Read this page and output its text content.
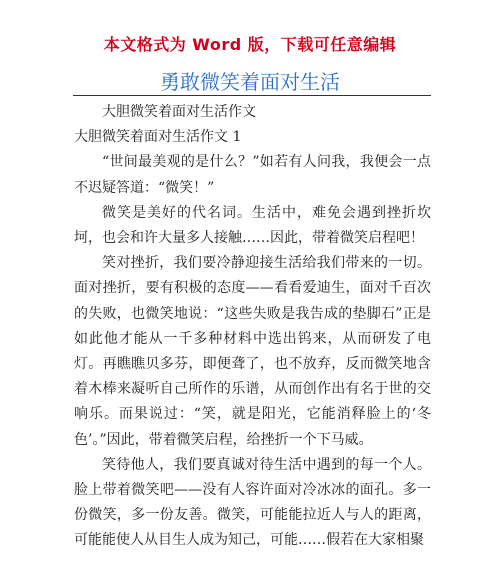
本文格式为 Word 版，下载可任意编辑
勇敢微笑着面对生活

大胆微笑着面对生活作文

大胆微笑着面对生活作文 1

“世间最美观的是什么？”如若有人问我，我便会一点不迟疑答道：“微笑！”

微笑是美好的代名词。生活中，难免会遇到挫折坎坷，也会和许大量多人接触……因此，带着微笑启程吧！

笑对挫折，我们要冷静迎接生活给我们带来的一切。面对挫折，要有积极的态度——看看爱迪生，面对千百次的失败，也微笑地说：“这些失败是我告成的垫脚石”正是如此他才能从一千多种材料中选出钨来，从而研发了电灯。再瞧瞧贝多芬，即便聋了，也不放弃，反而微笑地含着木棒来凝听自己所作的乐谱，从而创作出有名于世的交响乐。而果说过：“笑，就是阳光，它能消释脸上的‘冬色’。”因此，带着微笑启程，给挫折一个下马威。

笑待他人，我们要真诚对待生活中遇到的每一个人。脸上带着微笑吧——没有人容许面对冷冰冰的面孔。多一份微笑，多一份友善。微笑，可能能拉近人与人的距离，可能能使人从目生人成为知己，可能……假若在大家相聚
